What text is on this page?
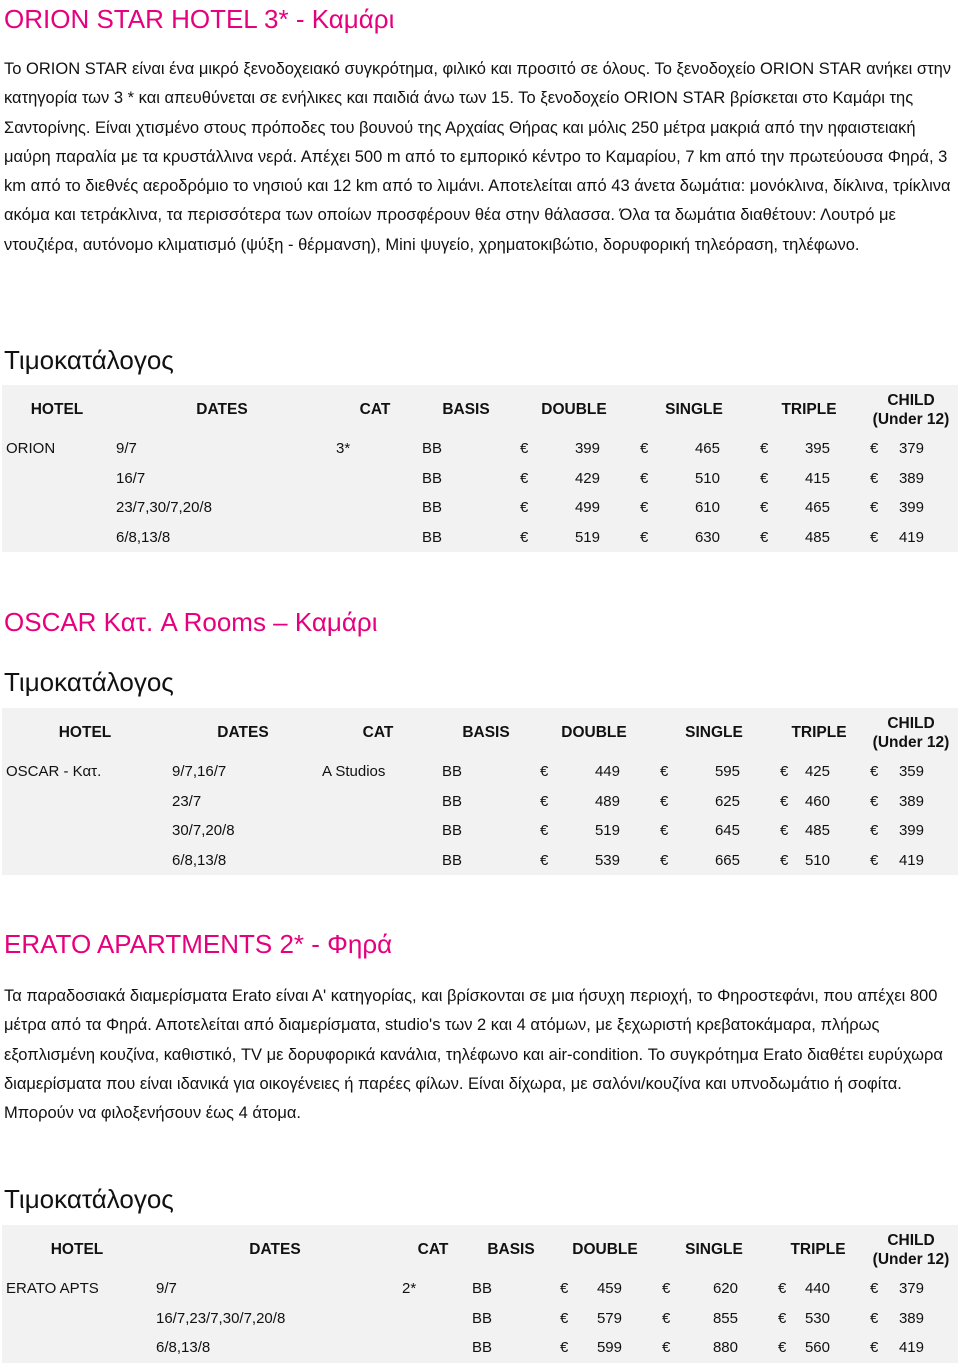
ORION STAR HOTEL 3* - Καμάρι

Το ORION STAR είναι ένα μικρό ξενοδοχειακό συγκρότημα, φιλικό και προσιτό σε όλους. Το ξενοδοχείο ORION STAR ανήκει στην κατηγορία των 3 * και απευθύνεται σε ενήλικες και παιδιά άνω των 15. Το ξενοδοχείο ORION STAR βρίσκεται στο Καμάρι της Σαντορίνης. Είναι χτισμένο στους πρόποδες του βουνού της Αρχαίας Θήρας και μόλις 250 μέτρα μακριά από την ηφαιστειακή μαύρη παραλία με τα κρυστάλλινα νερά. Απέχει 500 m από το εμπορικό κέντρο το Καμαρίου, 7 km από την πρωτεύουσα Φηρά, 3 km από το διεθνές αεροδρόμιο το νησιού και 12 km από το λιμάνι. Αποτελείται από 43 άνετα δωμάτια: μονόκλινα, δίκλινα, τρίκλινα ακόμα και τετράκλινα, τα περισσότερα των οποίων προσφέρουν θέα στην θάλασσα. Όλα τα δωμάτια διαθέτουν: Λουτρό με ντουζιέρα, αυτόνομο κλιματισμό (ψύξη - θέρμανση), Mini ψυγείο, χρηματοκιβώτιο, δορυφορική τηλεόραση, τηλέφωνο.

Τιμοκατάλογος
HOTEL	DATES	CAT	BASIS	DOUBLE	SINGLE	TRIPLE	CHILD
(Under 12)
ORION	9/7	3*	BB	€ 399	€ 465	€ 395	€ 379
	16/7		BB	€ 429	€ 510	€ 415	€ 389
	23/7,30/7,20/8		BB	€ 499	€ 610	€ 465	€ 399
	6/8,13/8		BB	€ 519	€ 630	€ 485	€ 419
OSCAR Κατ. A Rooms – Καμάρι
Τιμοκατάλογος
HOTEL	DATES	CAT	BASIS	DOUBLE	SINGLE	TRIPLE	CHILD
(Under 12)
OSCAR - Κατ.	9/7,16/7	A Studios	BB	€ 449	€ 595	€ 425	€ 359
	23/7		BB	€ 489	€ 625	€ 460	€ 389
	30/7,20/8		BB	€ 519	€ 645	€ 485	€ 399
	6/8,13/8		BB	€ 539	€ 665	€ 510	€ 419
ERATO APARTMENTS 2* - Φηρά

Τα παραδοσιακά διαμερίσματα Erato είναι Α' κατηγορίας, και βρίσκονται σε μια ήσυχη περιοχή, το Φηροστεφάνι, που απέχει 800 μέτρα από τα Φηρά. Αποτελείται από διαμερίσματα, studio's των 2 και 4 ατόμων, με ξεχωριστή κρεβατοκάμαρα, πλήρως εξοπλισμένη κουζίνα, καθιστικό, TV με δορυφορικά κανάλια, τηλέφωνο και air-condition. Το συγκρότημα Erato διαθέτει ευρύχωρα διαμερίσματα που είναι ιδανικά για οικογένειες ή παρέες φίλων. Είναι δίχωρα, με σαλόνι/κουζίνα και υπνοδωμάτιο ή σοφίτα. Μπορούν να φιλοξενήσουν έως 4 άτομα.

Τιμοκατάλογος
HOTEL	DATES	CAT	BASIS	DOUBLE	SINGLE	TRIPLE	CHILD
(Under 12)
ERATO APTS	9/7	2*	BB	€ 459	€ 620	€ 440	€ 379
	16/7,23/7,30/7,20/8		BB	€ 579	€ 855	€ 530	€ 389
	6/8,13/8		BB	€ 599	€ 880	€ 560	€ 419
